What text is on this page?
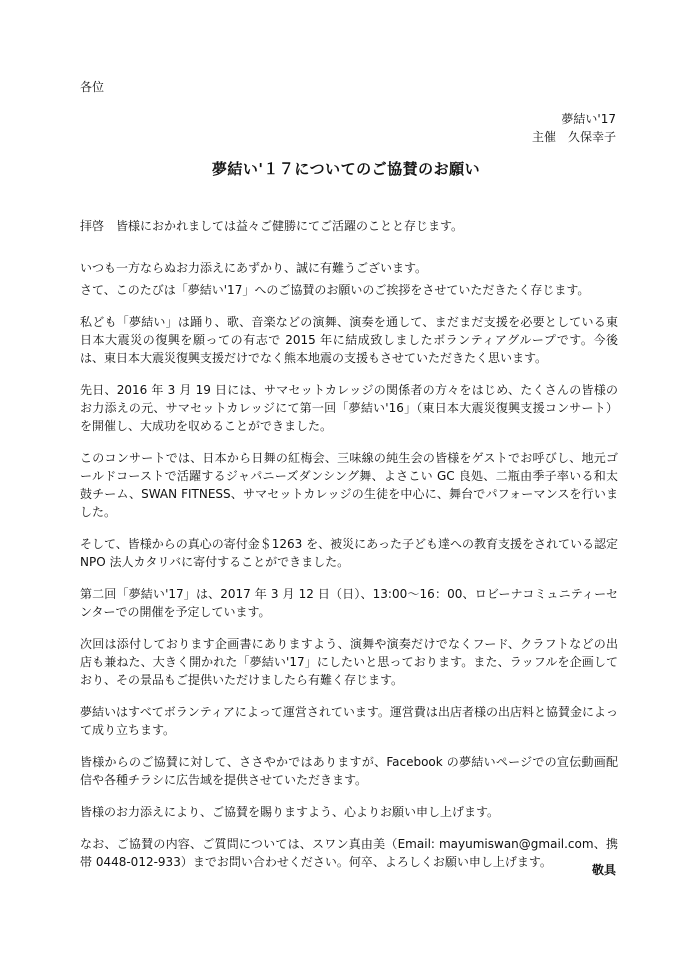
各位
夢結い'17
主催　久保幸子
夢結い'１７についてのご協賛のお願い

拝啓　皆様におかれましては益々ご健勝にてご活躍のことと存じます。

いつも一方ならぬお力添えにあずかり、誠に有難うございます。

さて、このたびは「夢結い'17」へのご協賛のお願いのご挨拶をさせていただきたく存じます。

私ども「夢結い」は踊り、歌、音楽などの演舞、演奏を通して、まだまだ支援を必要としている東日本大震災の復興を願っての有志で 2015 年に結成致しましたボランティアグループです。今後は、東日本大震災復興支援だけでなく熊本地震の支援もさせていただきたく思います。

先日、2016 年 3 月 19 日には、サマセットカレッジの関係者の方々をはじめ、たくさんの皆様のお力添えの元、サマセットカレッジにて第一回「夢結い'16」（東日本大震災復興支援コンサート）を開催し、大成功を収めることができました。

このコンサートでは、日本から日舞の紅梅会、三味線の純生会の皆様をゲストでお呼びし、地元ゴールドコーストで活躍するジャパニーズダンシング舞、よさこい GC 良処、二瓶由季子率いる和太鼓チーム、SWAN FITNESS、サマセットカレッジの生徒を中心に、舞台でパフォーマンスを行いました。

そして、皆様からの真心の寄付金＄1263 を、被災にあった子ども達への教育支援をされている認定 NPO 法人カタリバに寄付することができました。

第二回「夢結い'17」は、2017 年 3 月 12 日（日）、13:00～16：00、ロビーナコミュニティーセンターでの開催を予定しています。

次回は添付しております企画書にありますよう、演舞や演奏だけでなくフード、クラフトなどの出店も兼ねた、大きく開かれた「夢結い'17」にしたいと思っております。また、ラッフルを企画しており、その景品もご提供いただけましたら有難く存じます。

夢結いはすべてボランティアによって運営されています。運営費は出店者様の出店料と協賛金によって成り立ちます。

皆様からのご協賛に対して、ささやかではありますが、Facebook の夢結いページでの宣伝動画配信や各種チラシに広告域を提供させていただきます。

皆様のお力添えにより、ご協賛を賜りますよう、心よりお願い申し上げます。

なお、ご協賛の内容、ご質問については、スワン真由美（Email: mayumiswan@gmail.com、携帯 0448-012-933）までお問い合わせください。何卒、よろしくお願い申し上げます。

敬具
